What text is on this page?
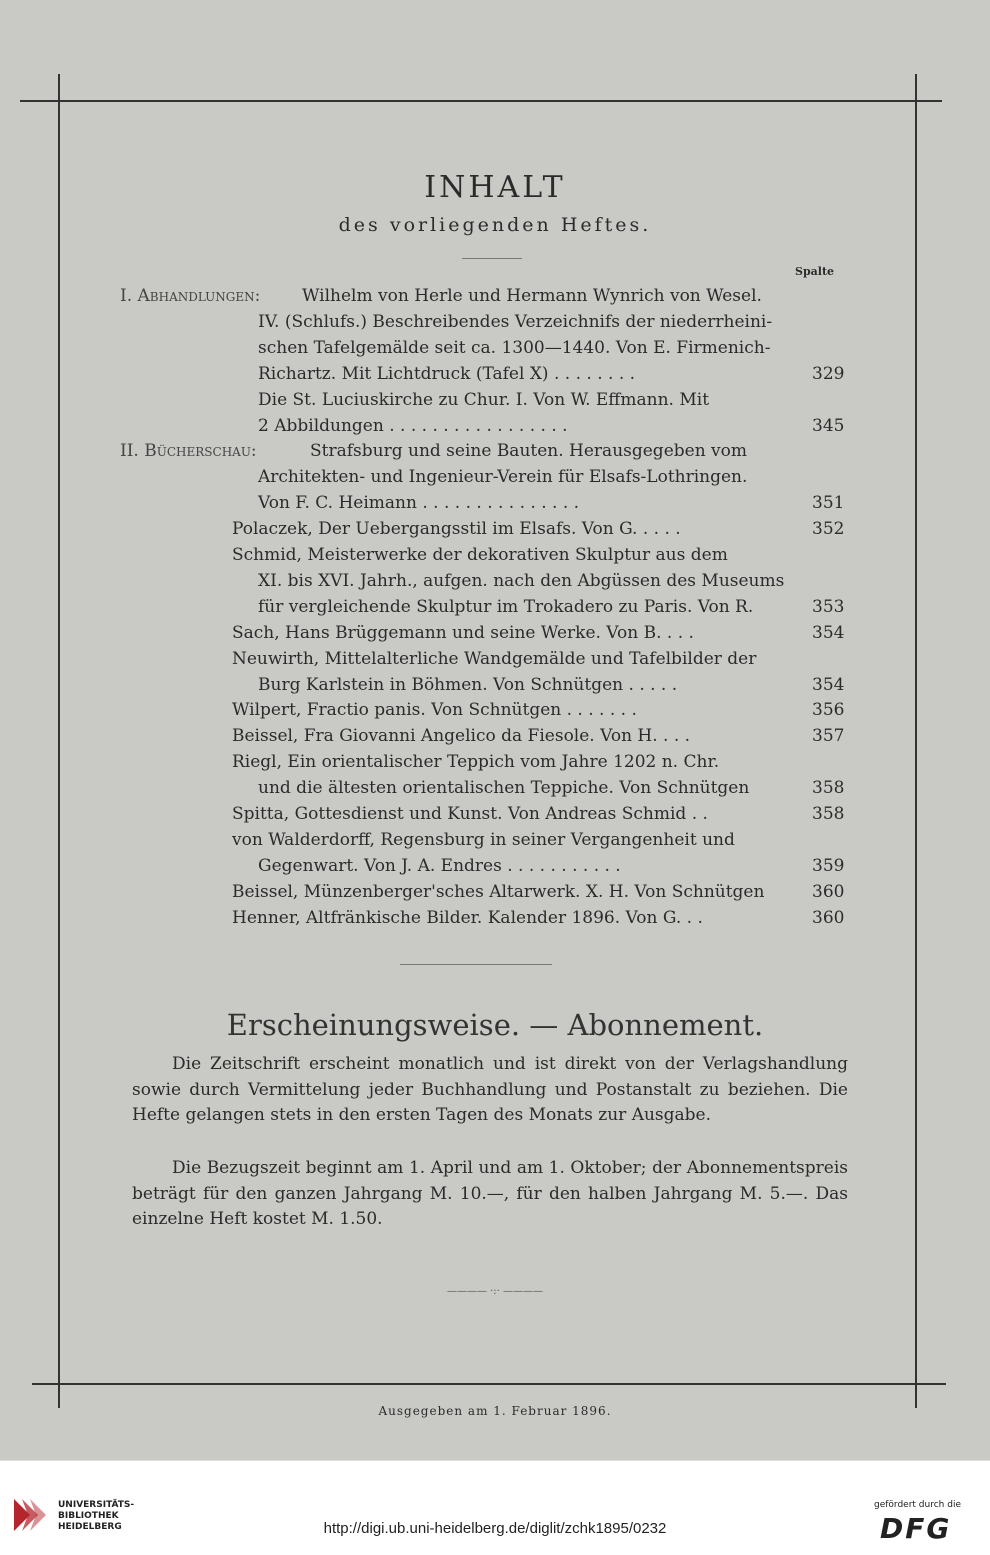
INHALT
des vorliegenden Heftes.
Spalte
I. Abhandlungen: Wilhelm von Herle und Hermann Wynrich von Wesel.
IV. (Schlufs.) Beschreibendes Verzeichnifs der niederrheini-
schen Tafelgemälde seit ca. 1300—1440. Von E. Firmenich-
Richartz. Mit Lichtdruck (Tafel X) . . . . . . . .	329
Die St. Luciuskirche zu Chur. I. Von W. Effmann. Mit
2 Abbildungen . . . . . . . . . . . . . . . . .	345
II. Bücherschau:	Strafsburg und seine Bauten. Herausgegeben vom
Architekten- und Ingenieur-Verein für Elsafs-Lothringen.
Von F. C. Heimann . . . . . . . . . . . . . . .	351
Polaczek, Der Uebergangsstil im Elsafs. Von G. . . . .	352
Schmid, Meisterwerke der dekorativen Skulptur aus dem
XI. bis XVI. Jahrh., aufgen. nach den Abgüssen des Museums
für vergleichende Skulptur im Trokadero zu Paris. Von R.	353
Sach, Hans Brüggemann und seine Werke. Von B. . . .	354
Neuwirth, Mittelalterliche Wandgemälde und Tafelbilder der
Burg Karlstein in Böhmen. Von Schnütgen . . . . .	354
Wilpert, Fractio panis. Von Schnütgen . . . . . . .	356
Beissel, Fra Giovanni Angelico da Fiesole. Von H. . . .	357
Riegl, Ein orientalischer Teppich vom Jahre 1202 n. Chr.
und die ältesten orientalischen Teppiche. Von Schnütgen	358
Spitta, Gottesdienst und Kunst. Von Andreas Schmid . .	358
von Walderdorff, Regensburg in seiner Vergangenheit und
Gegenwart. Von J. A. Endres . . . . . . . . . . .	359
Beissel, Münzenberger'sches Altarwerk. X. H. Von Schnütgen	360
Henner, Altfränkische Bilder. Kalender 1896. Von G. . .	360
Erscheinungsweise. — Abonnement.
Die Zeitschrift erscheint monatlich und ist direkt von der Verlagshandlung sowie durch Vermittelung jeder Buchhandlung und Postanstalt zu beziehen. Die Hefte gelangen stets in den ersten Tagen des Monats zur Ausgabe.
Die Bezugszeit beginnt am 1. April und am 1. Oktober; der Abonnementspreis beträgt für den ganzen Jahrgang M. 10.—, für den halben Jahrgang M. 5.—. Das einzelne Heft kostet M. 1.50.
———— ·:· ————
Ausgegeben am 1. Februar 1896.
UNIVERSITÄTS-
BIBLIOTHEK
HEIDELBERG	http://digi.ub.uni-heidelberg.de/diglit/zchk1895/0232
gefördert durch die
DFG
